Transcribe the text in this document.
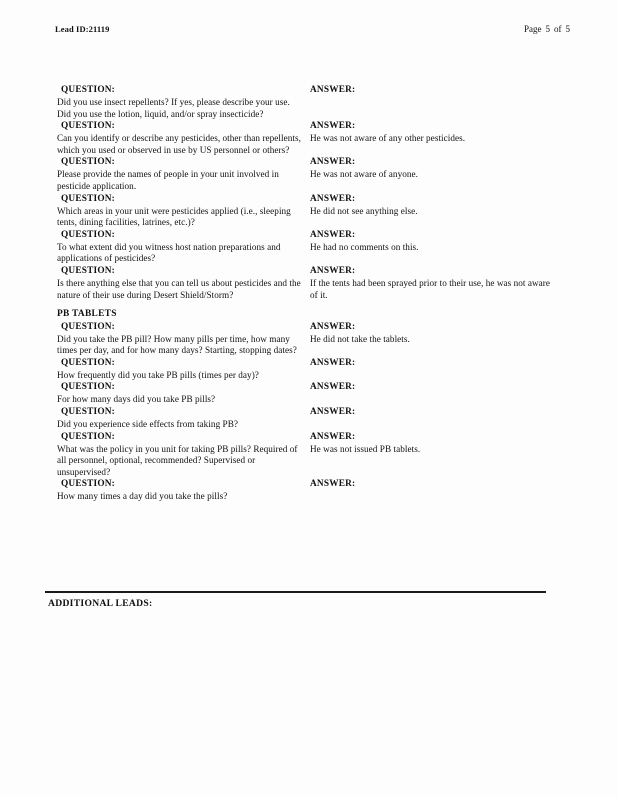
Lead ID:21119	Page 5 of 5
QUESTION:
Did you use insect repellents? If yes, please describe your use. Did you use the lotion, liquid, and/or spray insecticide?
ANSWER:
QUESTION:
Can you identify or describe any pesticides, other than repellents, which you used or observed in use by US personnel or others?
ANSWER:
He was not aware of any other pesticides.
QUESTION:
Please provide the names of people in your unit involved in pesticide application.
ANSWER:
He was not aware of anyone.
QUESTION:
Which areas in your unit were pesticides applied (i.e., sleeping tents, dining facilities, latrines, etc.)?
ANSWER:
He did not see anything else.
QUESTION:
To what extent did you witness host nation preparations and applications of pesticides?
ANSWER:
He had no comments on this.
QUESTION:
Is there anything else that you can tell us about pesticides and the nature of their use during Desert Shield/Storm?
ANSWER:
If the tents had been sprayed prior to their use, he was not aware of it.
PB TABLETS
QUESTION:
Did you take the PB pill? How many pills per time, how many times per day, and for how many days? Starting, stopping dates?
ANSWER:
He did not take the tablets.
QUESTION:
How frequently did you take PB pills (times per day)?
ANSWER:
QUESTION:
For how many days did you take PB pills?
ANSWER:
QUESTION:
Did you experience side effects from taking PB?
ANSWER:
QUESTION:
What was the policy in you unit for taking PB pills? Required of all personnel, optional, recommended? Supervised or unsupervised?
ANSWER:
He was not issued PB tablets.
QUESTION:
How many times a day did you take the pills?
ANSWER:
ADDITIONAL LEADS:
